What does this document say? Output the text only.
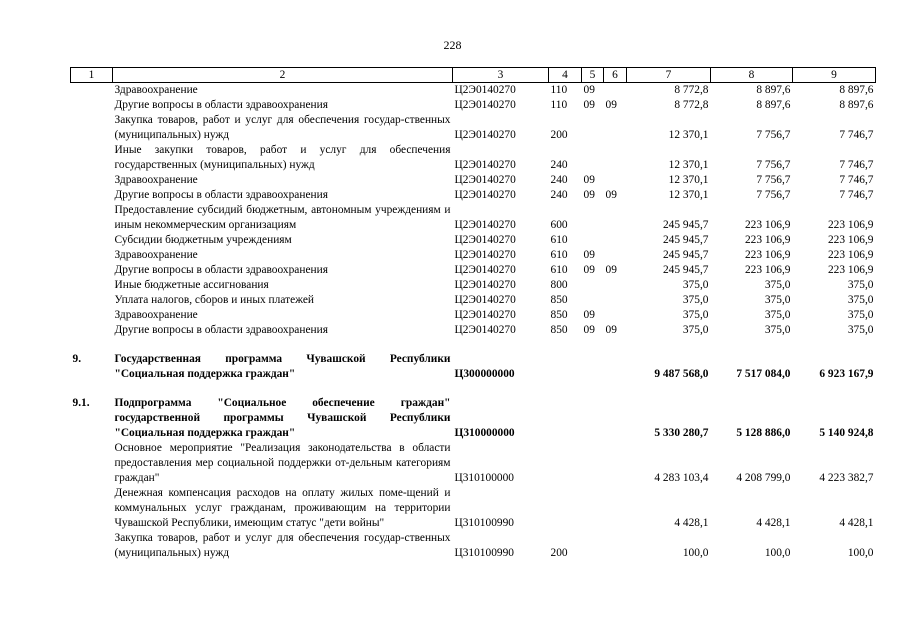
228
1	2	3	4	5	6	7	8	9
	Здравоохранение	Ц2Э0140270	110	09		8 772,8	8 897,6	8 897,6
	Другие вопросы в области здравоохранения	Ц2Э0140270	110	09	09	8 772,8	8 897,6	8 897,6
	Закупка товаров, работ и услуг для обеспечения государ-ственных (муниципальных) нужд	Ц2Э0140270	200			12 370,1	7 756,7	7 746,7
	Иные закупки товаров, работ и услуг для обеспечения государственных (муниципальных) нужд	Ц2Э0140270	240			12 370,1	7 756,7	7 746,7
	Здравоохранение	Ц2Э0140270	240	09		12 370,1	7 756,7	7 746,7
	Другие вопросы в области здравоохранения	Ц2Э0140270	240	09	09	12 370,1	7 756,7	7 746,7
	Предоставление субсидий бюджетным, автономным учреждениям и иным некоммерческим организациям	Ц2Э0140270	600			245 945,7	223 106,9	223 106,9
	Субсидии бюджетным учреждениям	Ц2Э0140270	610			245 945,7	223 106,9	223 106,9
	Здравоохранение	Ц2Э0140270	610	09		245 945,7	223 106,9	223 106,9
	Другие вопросы в области здравоохранения	Ц2Э0140270	610	09	09	245 945,7	223 106,9	223 106,9
	Иные бюджетные ассигнования	Ц2Э0140270	800			375,0	375,0	375,0
	Уплата налогов, сборов и иных платежей	Ц2Э0140270	850			375,0	375,0	375,0
	Здравоохранение	Ц2Э0140270	850	09		375,0	375,0	375,0
	Другие вопросы в области здравоохранения	Ц2Э0140270	850	09	09	375,0	375,0	375,0

9.	Государственная программа Чувашской Республики "Социальная поддержка граждан"	Ц300000000				9 487 568,0	7 517 084,0	6 923 167,9

9.1.	Подпрограмма "Социальное обеспечение граждан" государственной программы Чувашской Республики "Социальная поддержка граждан"	Ц310000000				5 330 280,7	5 128 886,0	5 140 924,8
	Основное мероприятие "Реализация законодательства в области предоставления мер социальной поддержки от-дельным категориям граждан"	Ц310100000				4 283 103,4	4 208 799,0	4 223 382,7
	Денежная компенсация расходов на оплату жилых поме-щений и коммунальных услуг гражданам, проживающим на территории Чувашской Республики, имеющим статус "дети войны"	Ц310100990				4 428,1	4 428,1	4 428,1
	Закупка товаров, работ и услуг для обеспечения государ-ственных (муниципальных) нужд	Ц310100990	200			100,0	100,0	100,0
